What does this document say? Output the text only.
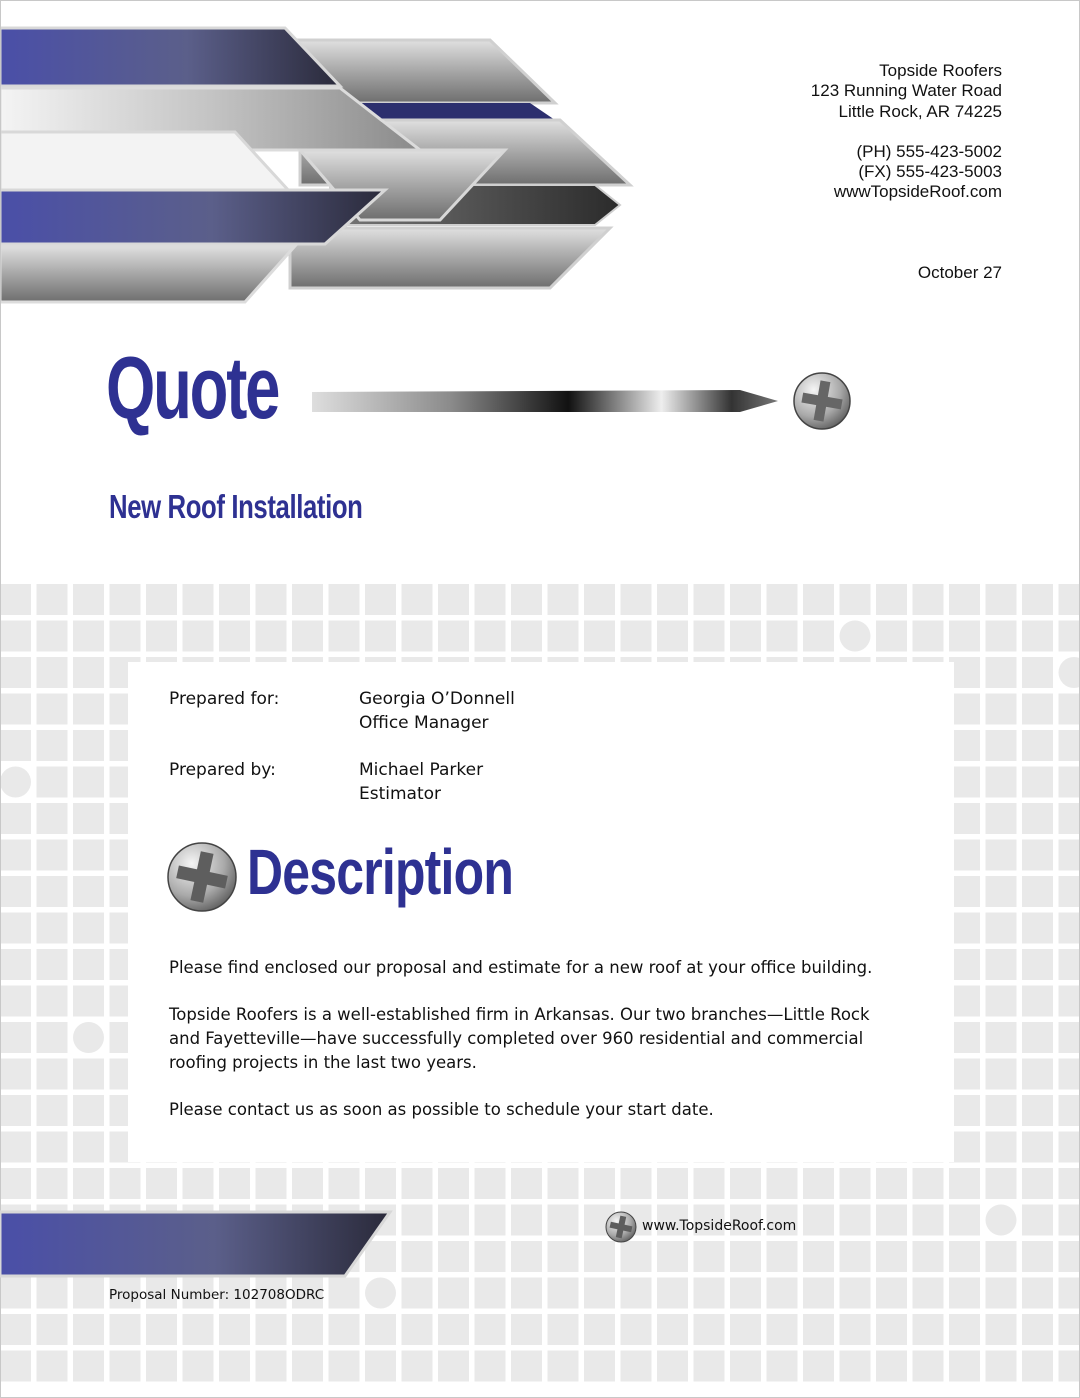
Topside Roofers
123 Running Water Road
Little Rock, AR 74225
(PH) 555-423-5002
(FX) 555-423-5003
wwwTopsideRoof.com
October 27
Quote
New Roof Installation
Prepared for:	Georgia O’Donnell
Office Manager
Prepared by:	Michael Parker
Estimator
Description
Please find enclosed our proposal and estimate for a new roof at your office building.
Topside Roofers is a well-established firm in Arkansas. Our two branches—Little Rock and Fayetteville—have successfully completed over 960 residential and commercial roofing projects in the last two years.
Please contact us as soon as possible to schedule your start date.
www.TopsideRoof.com
Proposal Number: 102708ODRC
